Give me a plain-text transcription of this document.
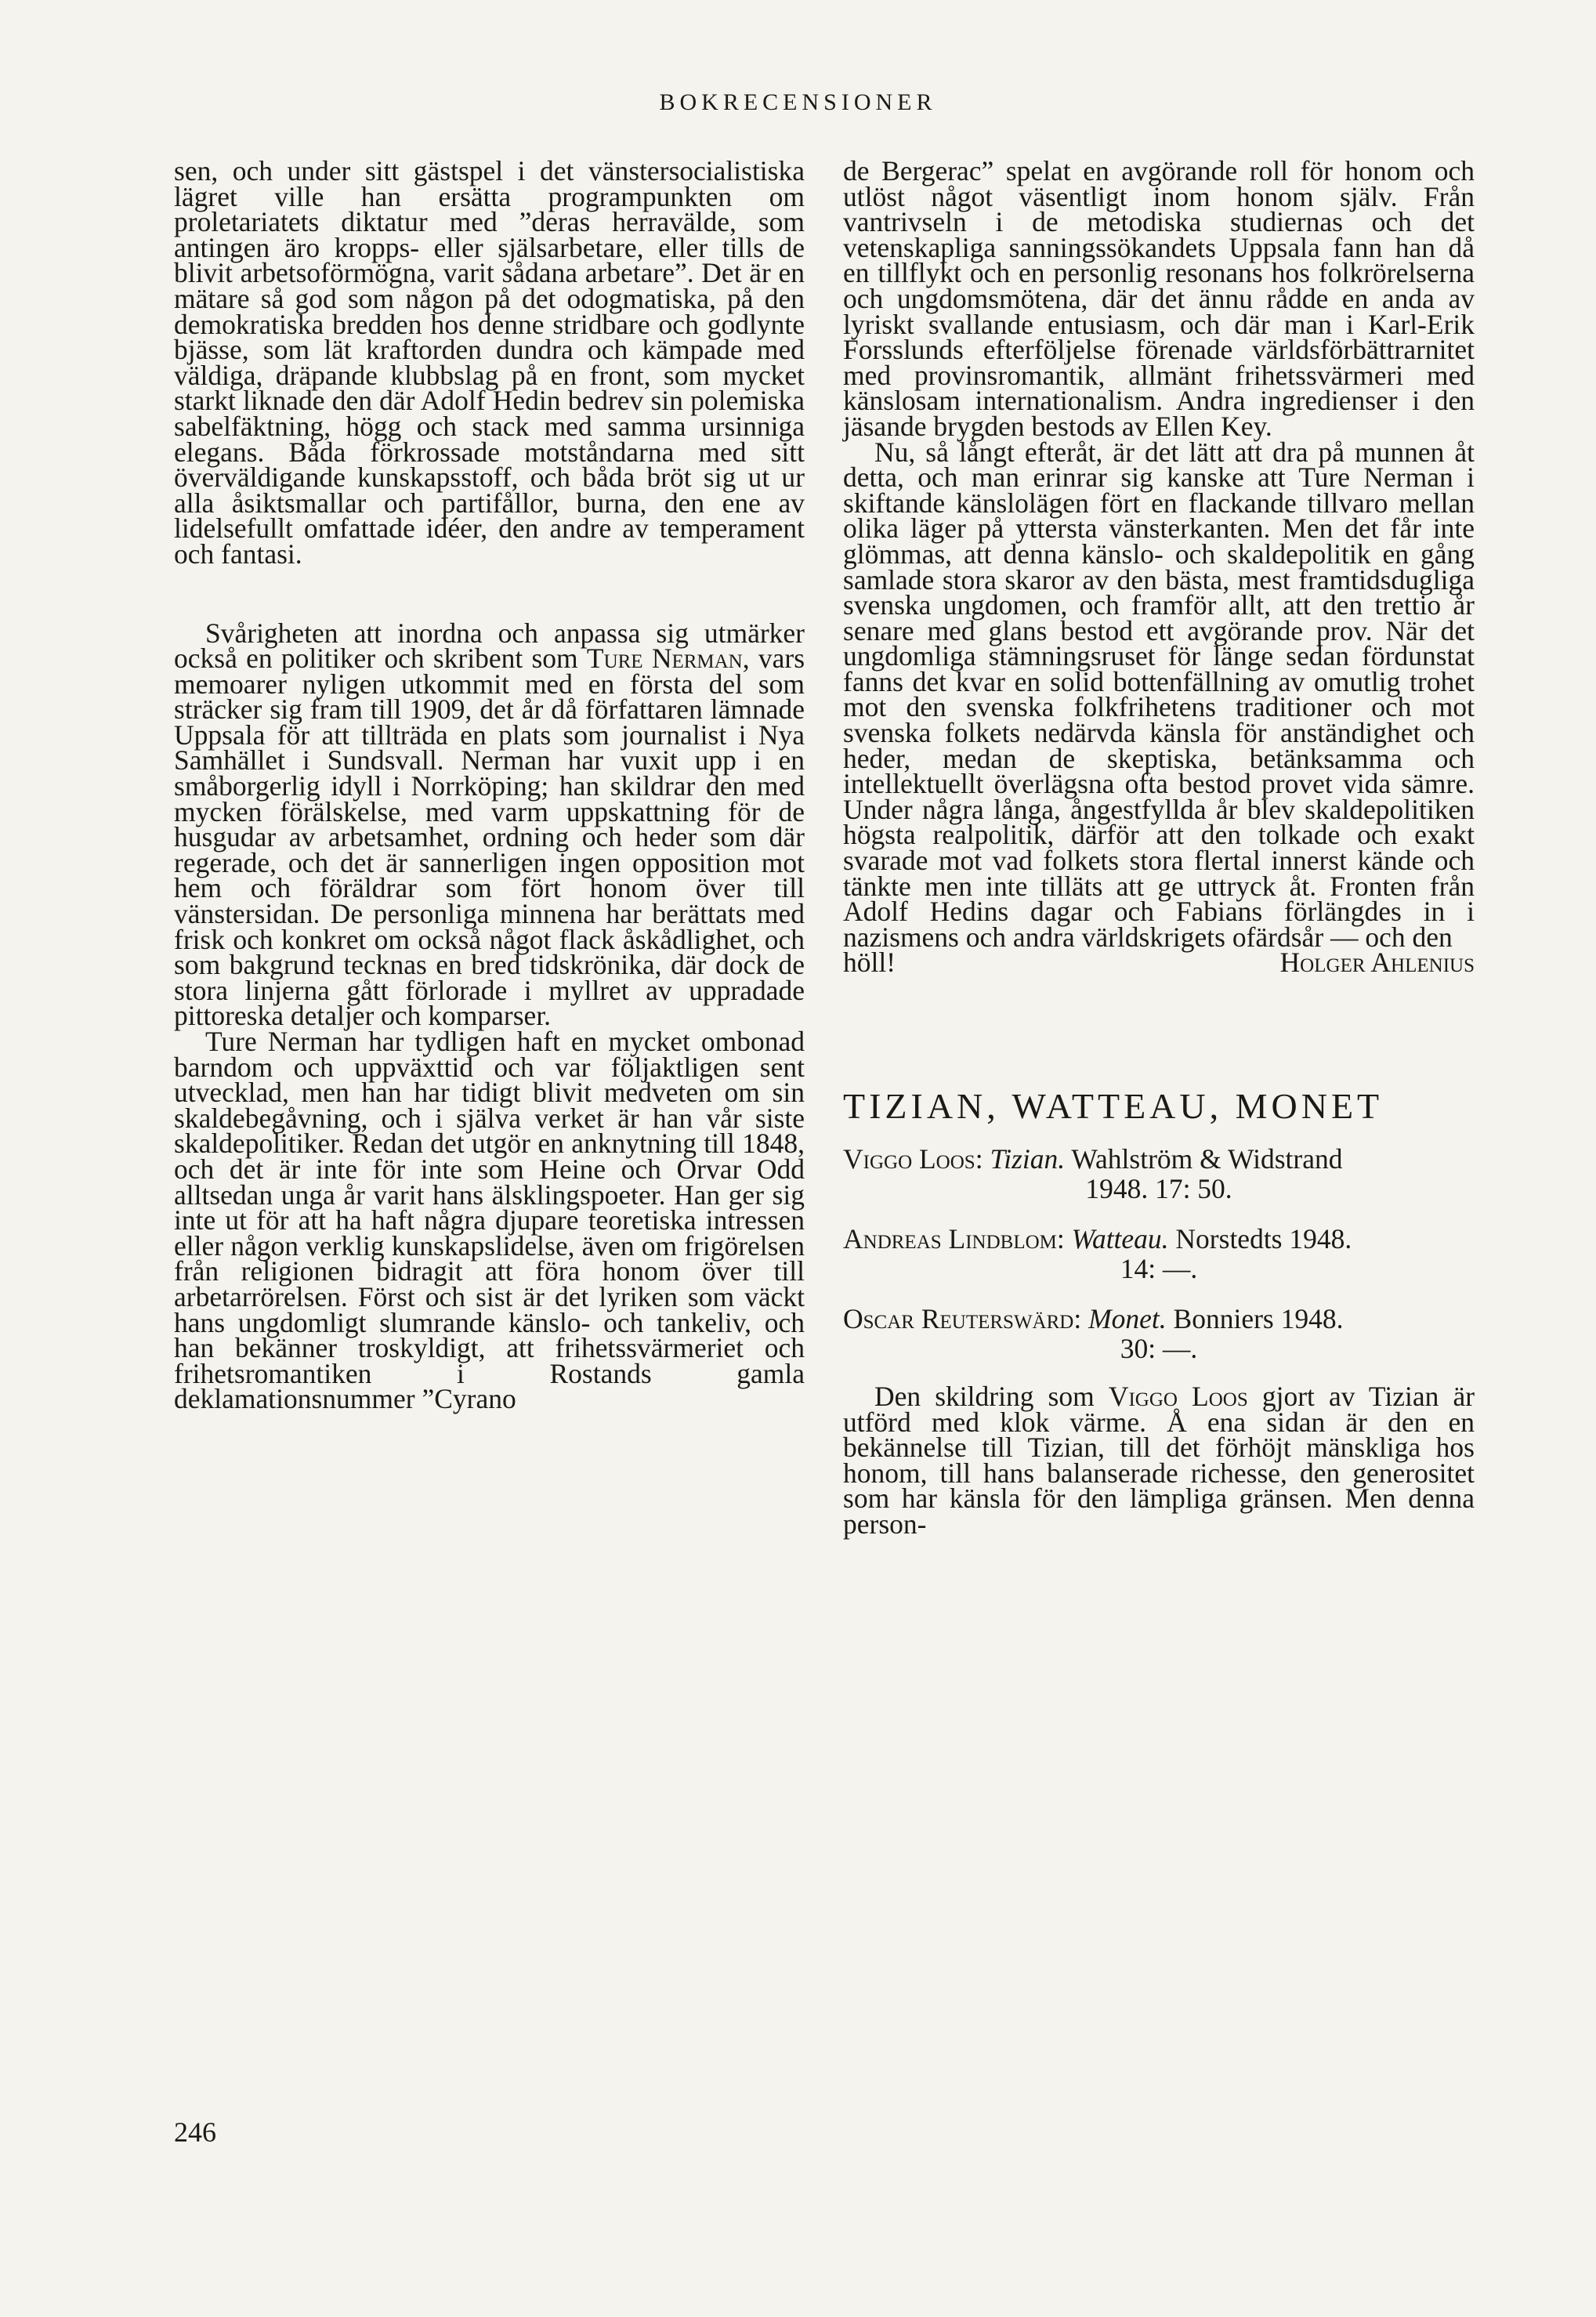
BOKRECENSIONER

sen, och under sitt gästspel i det vänstersocialistiska lägret ville han ersätta programpunkten om proletariatets diktatur med ”deras herravälde, som antingen äro kropps- eller själsarbetare, eller tills de blivit arbetsoförmögna, varit sådana arbetare”. Det är en mätare så god som någon på det odogmatiska, på den demokratiska bredden hos denne stridbare och godlynte bjässe, som lät kraftorden dundra och kämpade med väldiga, dräpande klubbslag på en front, som mycket starkt liknade den där Adolf Hedin bedrev sin polemiska sabelfäktning, högg och stack med samma ursinniga elegans. Båda förkrossade motståndarna med sitt överväldigande kunskapsstoff, och båda bröt sig ut ur alla åsiktsmallar och partifållor, burna, den ene av lidelsefullt omfattade idéer, den andre av temperament och fantasi.

Svårigheten att inordna och anpassa sig utmärker också en politiker och skribent som Ture Nerman, vars memoarer nyligen utkommit med en första del som sträcker sig fram till 1909, det år då författaren lämnade Uppsala för att tillträda en plats som journalist i Nya Samhället i Sundsvall. Nerman har vuxit upp i en småborgerlig idyll i Norrköping; han skildrar den med mycken förälskelse, med varm uppskattning för de husgudar av arbetsamhet, ordning och heder som där regerade, och det är sannerligen ingen opposition mot hem och föräldrar som fört honom över till vänstersidan. De personliga minnena har berättats med frisk och konkret om också något flack åskådlighet, och som bakgrund tecknas en bred tidskrönika, där dock de stora linjerna gått förlorade i myllret av uppradade pittoreska detaljer och komparser.

Ture Nerman har tydligen haft en mycket ombonad barndom och uppväxttid och var följaktligen sent utvecklad, men han har tidigt blivit medveten om sin skaldebegåvning, och i själva verket är han vår siste skaldepolitiker. Redan det utgör en anknytning till 1848, och det är inte för inte som Heine och Orvar Odd alltsedan unga år varit hans älsklingspoeter. Han ger sig inte ut för att ha haft några djupare teoretiska intressen eller någon verklig kunskapslidelse, även om frigörelsen från religionen bidragit att föra honom över till arbetarrörelsen. Först och sist är det lyriken som väckt hans ungdomligt slumrande känslo- och tankeliv, och han bekänner troskyldigt, att frihetssvärmeriet och frihetsromantiken i Rostands gamla deklamationsnummer ”Cyrano

de Bergerac” spelat en avgörande roll för honom och utlöst något väsentligt inom honom själv. Från vantrivseln i de metodiska studiernas och det vetenskapliga sanningssökandets Uppsala fann han då en tillflykt och en personlig resonans hos folkrörelserna och ungdomsmötena, där det ännu rådde en anda av lyriskt svallande entusiasm, och där man i Karl-Erik Forsslunds efterföljelse förenade världsförbättrarnitet med provinsromantik, allmänt frihetssvärmeri med känslosam internationalism. Andra ingredienser i den jäsande brygden bestods av Ellen Key.

Nu, så långt efteråt, är det lätt att dra på munnen åt detta, och man erinrar sig kanske att Ture Nerman i skiftande känslolägen fört en flackande tillvaro mellan olika läger på yttersta vänsterkanten. Men det får inte glömmas, att denna känslo- och skaldepolitik en gång samlade stora skaror av den bästa, mest framtidsdugliga svenska ungdomen, och framför allt, att den trettio år senare med glans bestod ett avgörande prov. När det ungdomliga stämningsruset för länge sedan fördunstat fanns det kvar en solid bottenfällning av omutlig trohet mot den svenska folkfrihetens traditioner och mot svenska folkets nedärvda känsla för anständighet och heder, medan de skeptiska, betänksamma och intellektuellt överlägsna ofta bestod provet vida sämre. Under några långa, ångestfyllda år blev skaldepolitiken högsta realpolitik, därför att den tolkade och exakt svarade mot vad folkets stora flertal innerst kände och tänkte men inte tilläts att ge uttryck åt. Fronten från Adolf Hedins dagar och Fabians förlängdes in i nazismens och andra världskrigets ofärdsår — och den

höll!	Holger Ahlenius
TIZIAN, WATTEAU, MONET

Viggo Loos: Tizian. Wahlström & Widstrand
1948. 17: 50.

Andreas Lindblom: Watteau. Norstedts 1948.
14: —.

Oscar Reuterswärd: Monet. Bonniers 1948.
30: —.

Den skildring som Viggo Loos gjort av Tizian är utförd med klok värme. Å ena sidan är den en bekännelse till Tizian, till det förhöjt mänskliga hos honom, till hans balanserade richesse, den generositet som har känsla för den lämpliga gränsen. Men denna person-

246
